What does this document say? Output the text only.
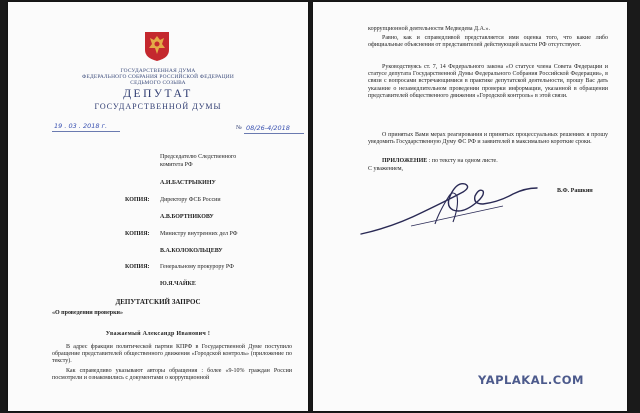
ГОСУДАРСТВЕННАЯ ДУМА
ФЕДЕРАЛЬНОГО СОБРАНИЯ РОССИЙСКОЙ ФЕДЕРАЦИИ
СЕДЬМОГО СОЗЫВА
ДЕПУТАТ
ГОСУДАРСТВЕННОЙ ДУМЫ
19 . 03 . 2018 г.	№ 08/26-4/2018
Председателю Следственного
комитета РФ
А.И.БАСТРЫКИНУ
КОПИЯ: Директору ФСБ России
А.В.БОРТНИКОВУ
КОПИЯ: Министру внутренних дел РФ
В.А.КОЛОКОЛЬЦЕВУ
КОПИЯ: Генеральному прокурору РФ
Ю.Я.ЧАЙКЕ
ДЕПУТАТСКИЙ ЗАПРОС
«О проведении проверки»
Уважаемый Александр Иванович !
В адрес фракции политической партии КПРФ в Государственной Думе поступило обращение представителей общественного движения «Городской контроль» (приложение по тексту).
Как справедливо указывают авторы обращения : более «9-10% граждан России посмотрели и ознакомились с документами о коррупционной
коррупционной деятельности Медведева Д.А.».
Равно, как и справедливой представляется ими оценка того, что какие либо официальные объяснения от представителей действующей власти РФ отсутствуют.
Руководствуясь ст. 7, 14 Федерального закона «О статусе члена Совета Федерации и статусе депутата Государственной Думы Федерального Собрания Российской Федерации», в связи с вопросами встречающимися в практике депутатской деятельности, прошу Вас дать указание о незамедлительном проведении проверки информации, указанной в обращении представителей общественного движения «Городской контроль» в этой связи.
О принятых Вами мерах реагирования и принятых процессуальных решениях я прошу уведомить Государственную Думу ФС РФ и заявителей в максимально короткие сроки.
ПРИЛОЖЕНИЕ : по тексту на одном листе.
С уважением,
В.Ф. Рашкин
YAPLAKAL.COM
